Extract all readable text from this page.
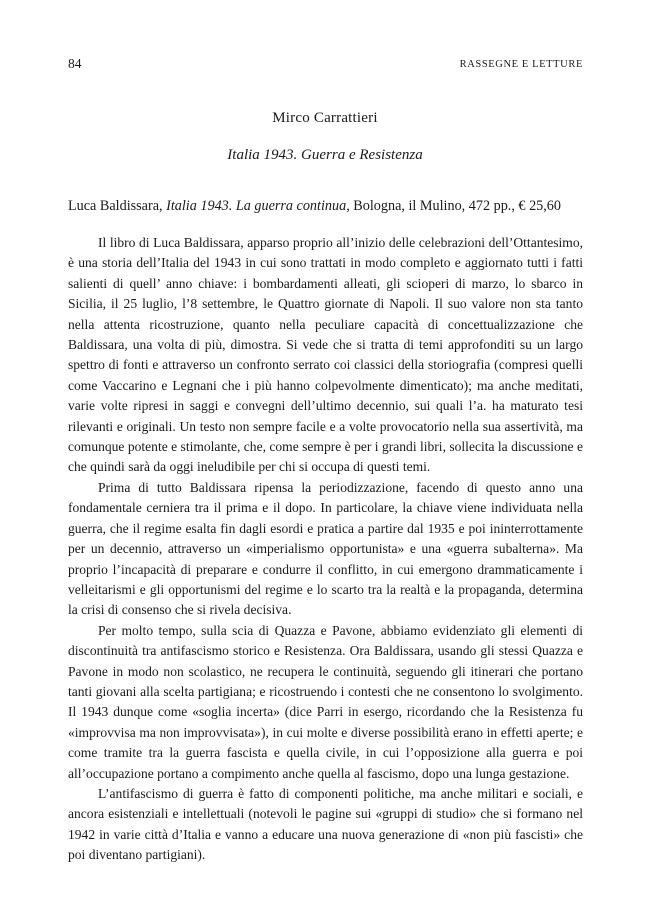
84	RASSEGNE E LETTURE
Mirco Carrattieri
Italia 1943. Guerra e Resistenza
Luca Baldissara, Italia 1943. La guerra continua, Bologna, il Mulino, 472 pp., € 25,60

Il libro di Luca Baldissara, apparso proprio all’inizio delle celebrazioni dell’Ottantesimo, è una storia dell’Italia del 1943 in cui sono trattati in modo completo e aggiornato tutti i fatti salienti di quell’ anno chiave: i bombardamenti alleati, gli scioperi di marzo, lo sbarco in Sicilia, il 25 luglio, l’8 settembre, le Quattro giornate di Napoli. Il suo valore non sta tanto nella attenta ricostruzione, quanto nella peculiare capacità di concettualizzazione che Baldissara, una volta di più, dimostra. Si vede che si tratta di temi approfonditi su un largo spettro di fonti e attraverso un confronto serrato coi classici della storiografia (compresi quelli come Vaccarino e Legnani che i più hanno colpevolmente dimenticato); ma anche meditati, varie volte ripresi in saggi e convegni dell’ultimo decennio, sui quali l’a. ha maturato tesi rilevanti e originali. Un testo non sempre facile e a volte provocatorio nella sua assertività, ma comunque potente e stimolante, che, come sempre è per i grandi libri, sollecita la discussione e che quindi sarà da oggi ineludibile per chi si occupa di questi temi.

Prima di tutto Baldissara ripensa la periodizzazione, facendo di questo anno una fondamentale cerniera tra il prima e il dopo. In particolare, la chiave viene individuata nella guerra, che il regime esalta fin dagli esordi e pratica a partire dal 1935 e poi ininterrottamente per un decennio, attraverso un «imperialismo opportunista» e una «guerra subalterna». Ma proprio l’incapacità di preparare e condurre il conflitto, in cui emergono drammaticamente i velleitarismi e gli opportunismi del regime e lo scarto tra la realtà e la propaganda, determina la crisi di consenso che si rivela decisiva.

Per molto tempo, sulla scia di Quazza e Pavone, abbiamo evidenziato gli elementi di discontinuità tra antifascismo storico e Resistenza. Ora Baldissara, usando gli stessi Quazza e Pavone in modo non scolastico, ne recupera le continuità, seguendo gli itinerari che portano tanti giovani alla scelta partigiana; e ricostruendo i contesti che ne consentono lo svolgimento. Il 1943 dunque come «soglia incerta» (dice Parri in esergo, ricordando che la Resistenza fu «improvvisa ma non improvvisata»), in cui molte e diverse possibilità erano in effetti aperte; e come tramite tra la guerra fascista e quella civile, in cui l’opposizione alla guerra e poi all’occupazione portano a compimento anche quella al fascismo, dopo una lunga gestazione.

L’antifascismo di guerra è fatto di componenti politiche, ma anche militari e sociali, e ancora esistenziali e intellettuali (notevoli le pagine sui «gruppi di studio» che si formano nel 1942 in varie città d’Italia e vanno a educare una nuova generazione di «non più fascisti» che poi diventano partigiani).
